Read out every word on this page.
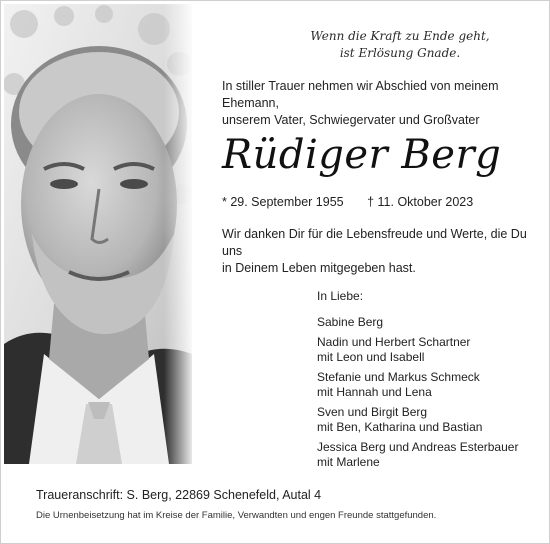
Wenn die Kraft zu Ende geht,
ist Erlösung Gnade.
In stiller Trauer nehmen wir Abschied von meinem Ehemann,
unserem Vater, Schwiegervater und Großvater
Rüdiger Berg
* 29. September 1955 † 11. Oktober 2023
Wir danken Dir für die Lebensfreude und Werte, die Du uns
in Deinem Leben mitgegeben hast.
In Liebe:
Sabine Berg
Nadin und Herbert Schartner
mit Leon und Isabell
Stefanie und Markus Schmeck
mit Hannah und Lena
Sven und Birgit Berg
mit Ben, Katharina und Bastian
Jessica Berg und Andreas Esterbauer
mit Marlene
Traueranschrift: S. Berg, 22869 Schenefeld, Autal 4
Die Urnenbeisetzung hat im Kreise der Familie, Verwandten und engen Freunde stattgefunden.
